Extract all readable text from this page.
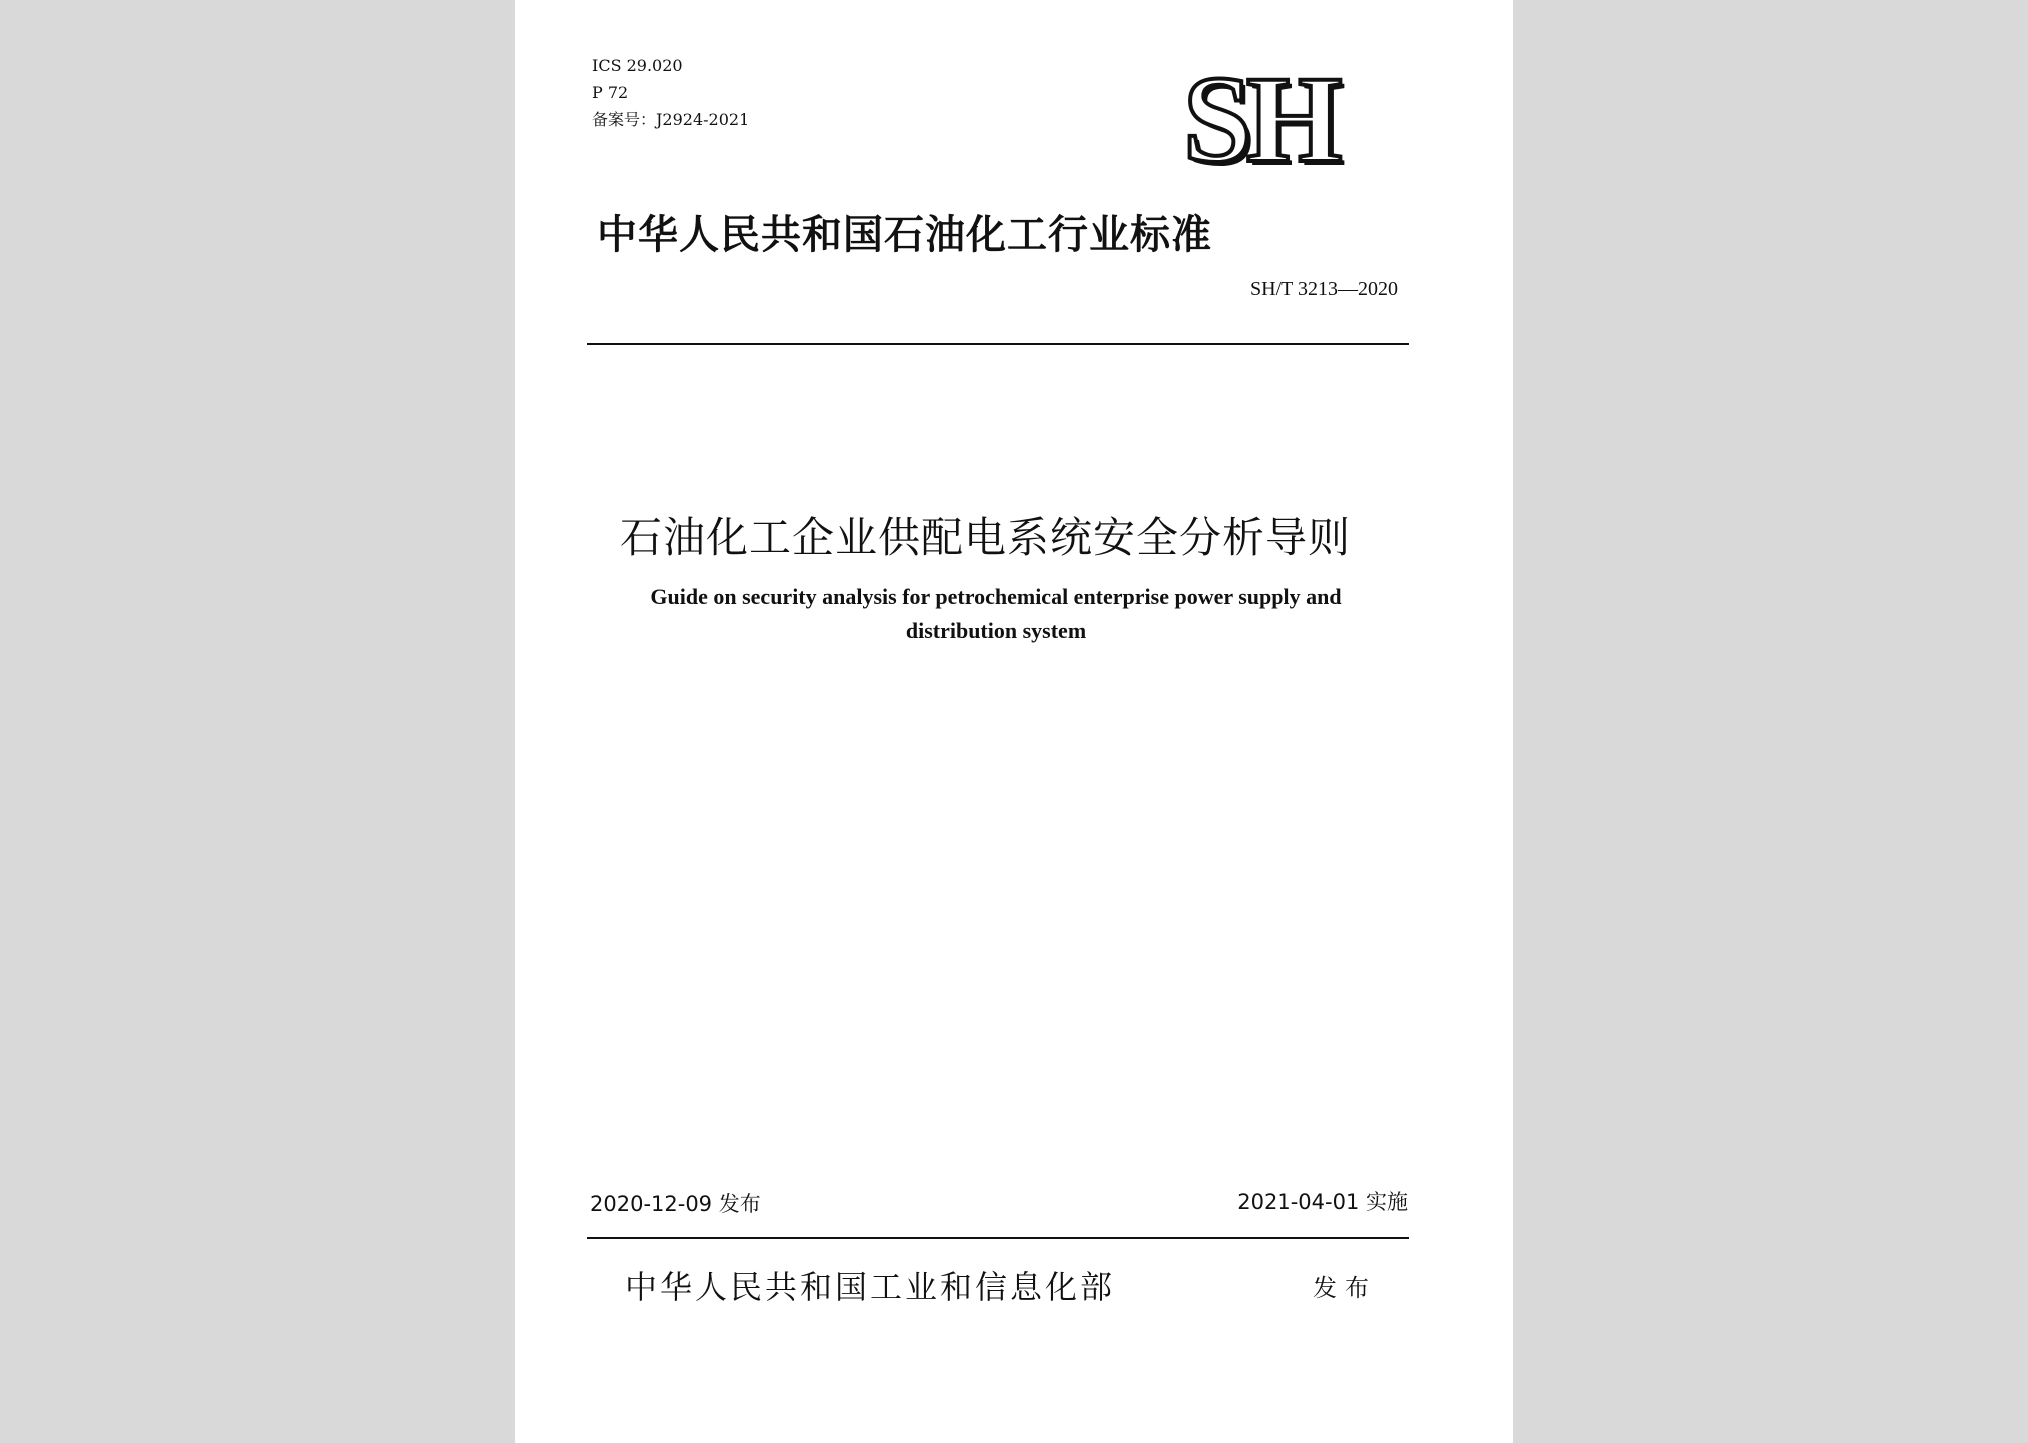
ICS 29.020
P 72
备案号：J2924-2021	SH
中华人民共和国石油化工行业标准
SH/T 3213—2020
石油化工企业供配电系统安全分析导则
Guide on security analysis for petrochemical enterprise power supply and distribution system
2020-12-09 发布	2021-04-01 实施
中华人民共和国工业和信息化部	发布
